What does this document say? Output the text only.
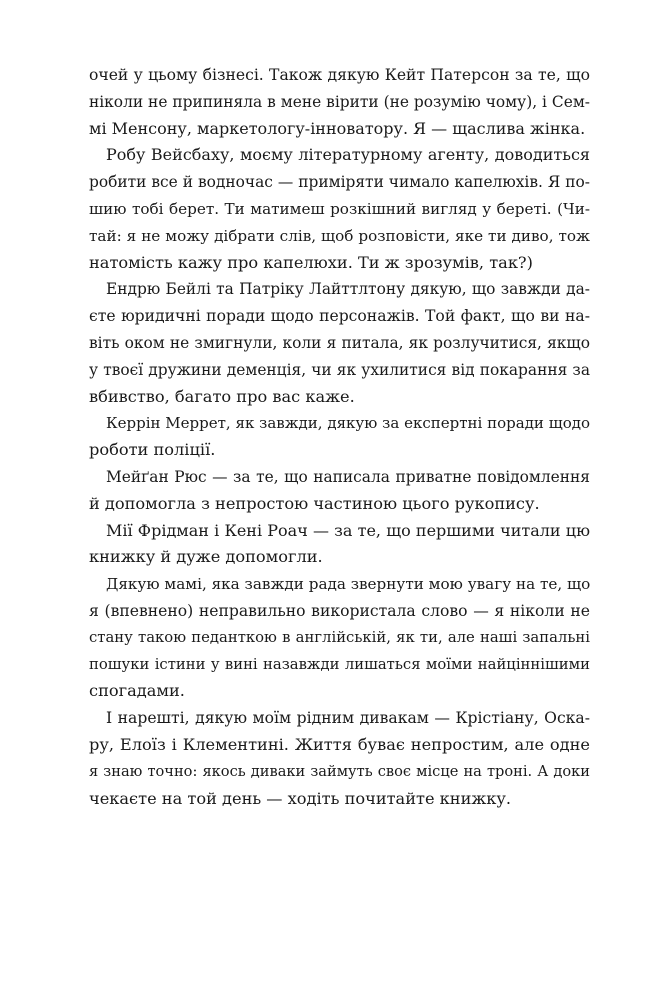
очей у цьому бізнесі. Також дякую Кейт Патерсон за те, що
ніколи не припиняла в мене вірити (не розумію чому), і Сем-
мі Менсону, маркетологу-інноватору. Я — щаслива жінка.

Робу Вейсбаху, моєму літературному агенту, доводиться
робити все й водночас — приміряти чимало капелюхів. Я по-
шию тобі берет. Ти матимеш розкішний вигляд у береті. (Чи-
тай: я не можу дібрати слів, щоб розповісти, яке ти диво, тож
натомість кажу про капелюхи. Ти ж зрозумів, так?)

Ендрю Бейлі та Патріку Лайттлтону дякую, що завжди да-
єте юридичні поради щодо персонажів. Той факт, що ви на-
віть оком не змигнули, коли я питала, як розлучитися, якщо
у твоєї дружини деменція, чи як ухилитися від покарання за
вбивство, багато про вас каже.

Керрін Меррет, як завжди, дякую за експертні поради щодо
роботи поліції.

Мейґан Рюс — за те, що написала приватне повідомлення
й допомогла з непростою частиною цього рукопису.

Мії Фрідман і Кені Роач — за те, що першими читали цю
книжку й дуже допомогли.

Дякую мамі, яка завжди рада звернути мою увагу на те, що
я (впевнено) неправильно використала слово — я ніколи не
стану такою педанткою в англійській, як ти, але наші запальні
пошуки істини у вині назавжди лишаться моїми найціннішими
спогадами.

І нарешті, дякую моїм рідним дивакам — Крістіану, Оска-
ру, Елоїз і Клементині. Життя буває непростим, але одне
я знаю точно: якось диваки займуть своє місце на троні. А доки
чекаєте на той день — ходіть почитайте книжку.
